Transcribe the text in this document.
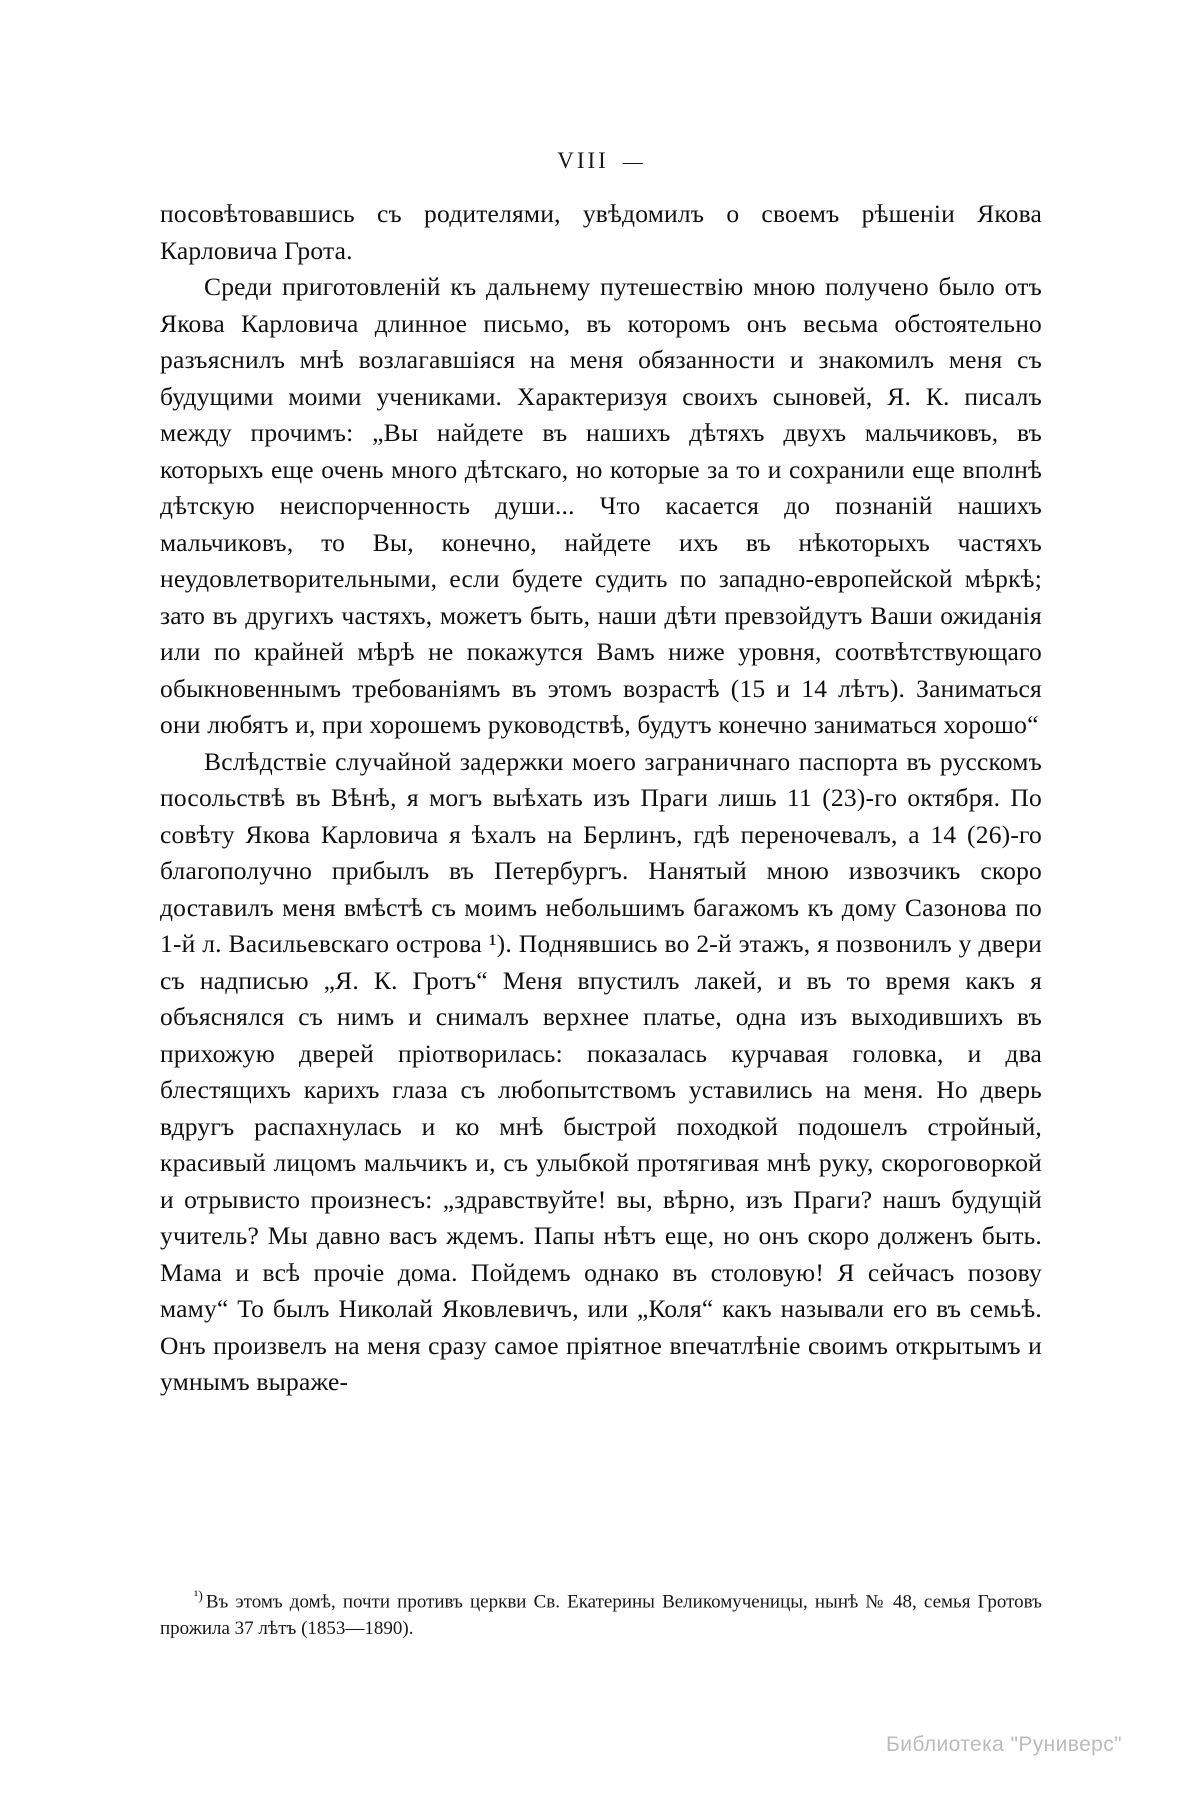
VIII —

посовѣтовавшись съ родителями, увѣдомилъ о своемъ рѣшеніи Якова Карловича Грота.

Среди приготовленій къ дальнему путешествію мною получено было отъ Якова Карловича длинное письмо, въ которомъ онъ весьма обстоятельно разъяснилъ мнѣ возлагавшіяся на меня обязанности и знакомилъ меня съ будущими моими учениками. Характеризуя своихъ сыновей, Я. К. писалъ между прочимъ: „Вы найдете въ нашихъ дѣтяхъ двухъ мальчиковъ, въ которыхъ еще очень много дѣтскаго, но которые за то и сохранили еще вполнѣ дѣтскую неиспорченность души... Что касается до познаній нашихъ мальчиковъ, то Вы, конечно, найдете ихъ въ нѣкоторыхъ частяхъ неудовлетворительными, если будете судить по западно-европейской мѣркѣ; зато въ другихъ частяхъ, можетъ быть, наши дѣти превзойдутъ Ваши ожиданія или по крайней мѣрѣ не покажутся Вамъ ниже уровня, соотвѣтствующаго обыкновеннымъ требованіямъ въ этомъ возрастѣ (15 и 14 лѣтъ). Заниматься они любятъ и, при хорошемъ руководствѣ, будутъ конечно заниматься хорошо“

Вслѣдствіе случайной задержки моего заграничнаго паспорта въ русскомъ посольствѣ въ Вѣнѣ, я могъ выѣхать изъ Праги лишь 11 (23)-го октября. По совѣту Якова Карловича я ѣхалъ на Берлинъ, гдѣ переночевалъ, а 14 (26)-го благополучно прибылъ въ Петербургъ. Нанятый мною извозчикъ скоро доставилъ меня вмѣстѣ съ моимъ небольшимъ багажомъ къ дому Сазонова по 1-й л. Васильевскаго острова ¹). Поднявшись во 2-й этажъ, я позвонилъ у двери съ надписью „Я. К. Гротъ“ Меня впустилъ лакей, и въ то время какъ я объяснялся съ нимъ и снималъ верхнее платье, одна изъ выходившихъ въ прихожую дверей пріотворилась: показалась курчавая головка, и два блестящихъ карихъ глаза съ любопытствомъ уставились на меня. Но дверь вдругъ распахнулась и ко мнѣ быстрой походкой подошелъ стройный, красивый лицомъ мальчикъ и, съ улыбкой протягивая мнѣ руку, скороговоркой и отрывисто произнесъ: „здравствуйте! вы, вѣрно, изъ Праги? нашъ будущій учитель? Мы давно васъ ждемъ. Папы нѣтъ еще, но онъ скоро долженъ быть. Мама и всѣ прочіе дома. Пойдемъ однако въ столовую! Я сейчасъ позову маму“ То былъ Николай Яковлевичъ, или „Коля“ какъ называли его въ семьѣ. Онъ произвелъ на меня сразу самое пріятное впечатлѣніе своимъ открытымъ и умнымъ выраже-

$^{^1)}$ Въ этомъ домѣ, почти противъ церкви Св. Екатерины Великомученицы, нынѣ № 48, семья Гротовъ прожила 37 лѣтъ (1853—1890).
Библиотека "Руниверс"
